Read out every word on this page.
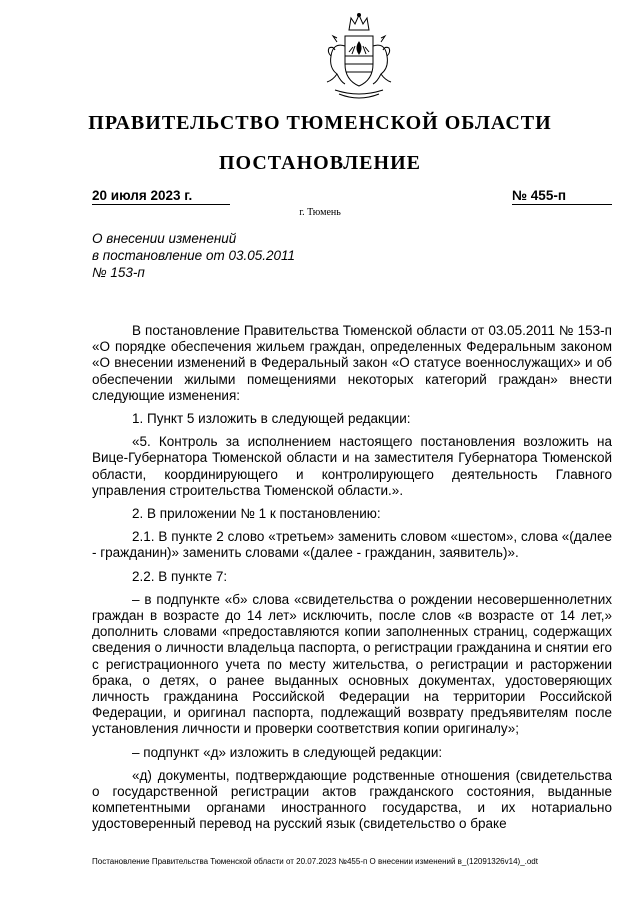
ПРАВИТЕЛЬСТВО ТЮМЕНСКОЙ ОБЛАСТИ
ПОСТАНОВЛЕНИЕ
20 июля 2023 г.	№ 455-п
г. Тюмень
О внесении изменений
в постановление от 03.05.2011
№ 153-п

В постановление Правительства Тюменской области от 03.05.2011 № 153-п «О порядке обеспечения жильем граждан, определенных Федеральным законом «О внесении изменений в Федеральный закон «О статусе военнослужащих» и об обеспечении жилыми помещениями некоторых категорий граждан» внести следующие изменения:

1. Пункт 5 изложить в следующей редакции:

«5. Контроль за исполнением настоящего постановления возложить на Вице-Губернатора Тюменской области и на заместителя Губернатора Тюменской области, координирующего и контролирующего деятельность Главного управления строительства Тюменской области.».

2. В приложении № 1 к постановлению:

2.1. В пункте 2 слово «третьем» заменить словом «шестом», слова «(далее - гражданин)» заменить словами «(далее - гражданин, заявитель)».

2.2. В пункте 7:

– в подпункте «б» слова «свидетельства о рождении несовершеннолетних граждан в возрасте до 14 лет» исключить, после слов «в возрасте от 14 лет,» дополнить словами «предоставляются копии заполненных страниц, содержащих сведения о личности владельца паспорта, о регистрации гражданина и снятии его с регистрационного учета по месту жительства, о регистрации и расторжении брака, о детях, о ранее выданных основных документах, удостоверяющих личность гражданина Российской Федерации на территории Российской Федерации, и оригинал паспорта, подлежащий возврату предъявителям после установления личности и проверки соответствия копии оригиналу»;

– подпункт «д» изложить в следующей редакции:

«д) документы, подтверждающие родственные отношения (свидетельства о государственной регистрации актов гражданского состояния, выданные компетентными органами иностранного государства, и их нотариально удостоверенный перевод на русский язык (свидетельство о браке

Постановление Правительства Тюменской области от 20.07.2023 №455-п О внесении изменений в_(12091326v14)_.odt
